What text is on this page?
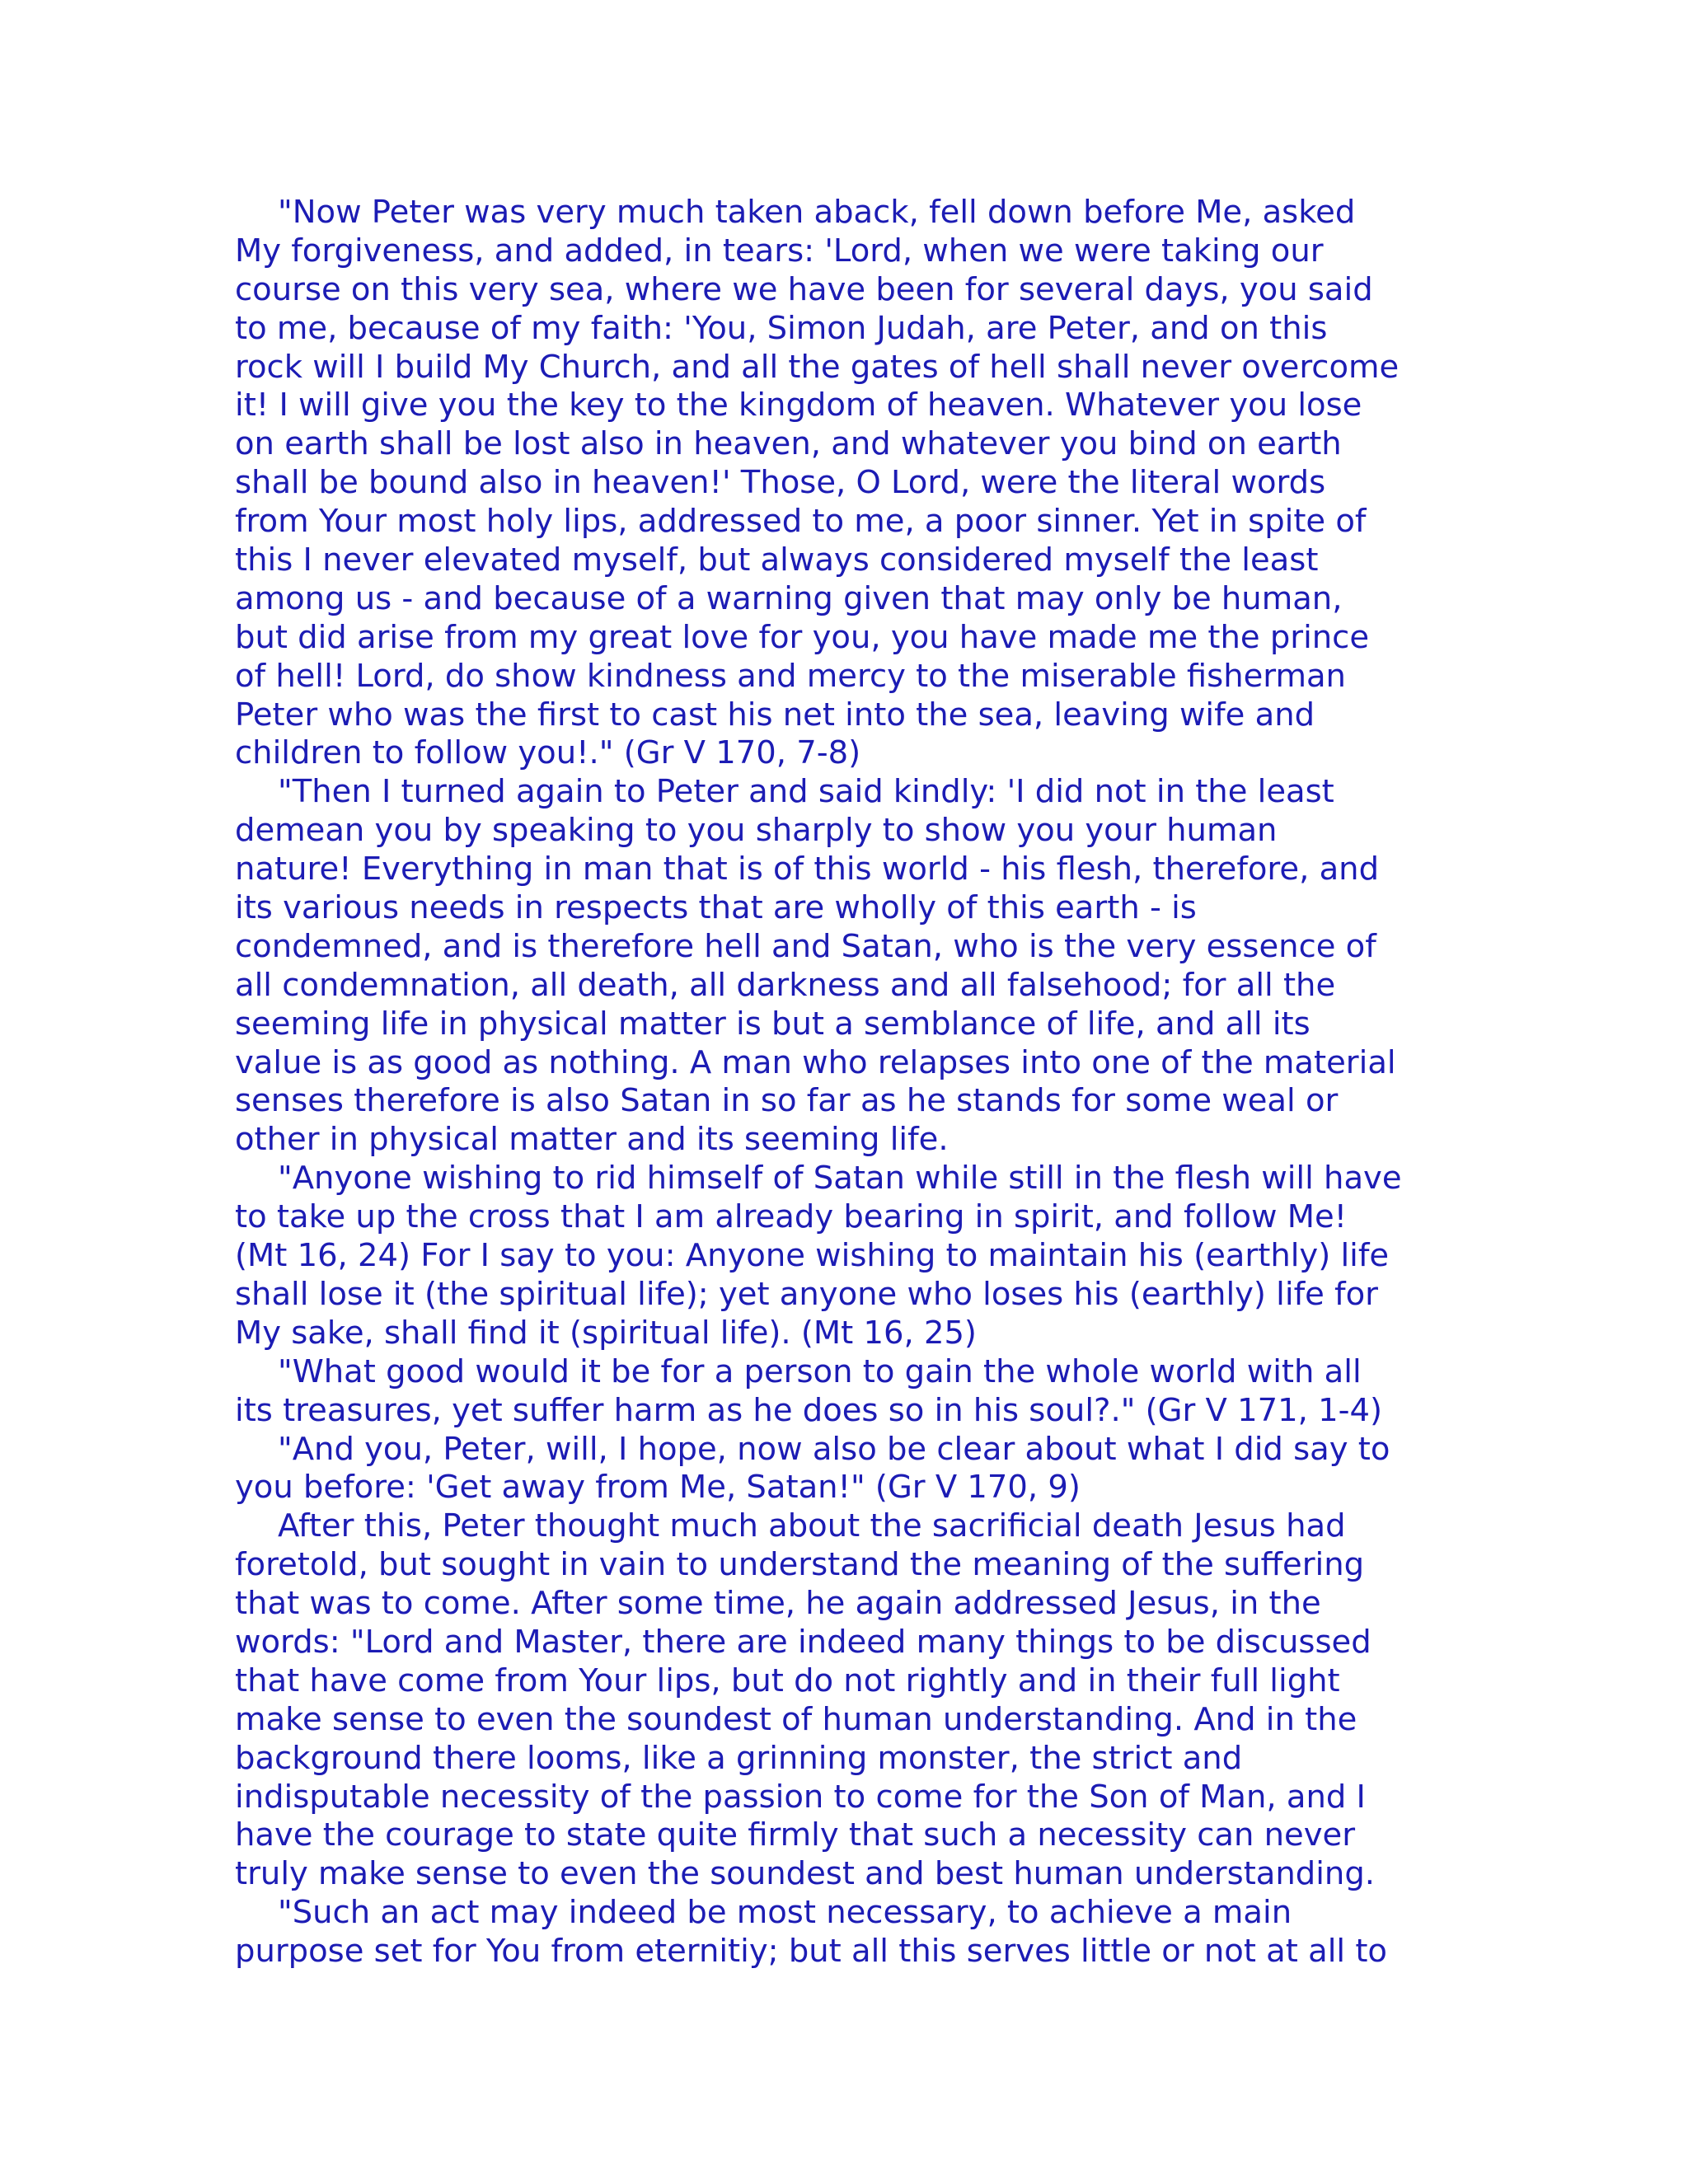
"Now Peter was very much taken aback, fell down before Me, asked
My forgiveness, and added, in tears: 'Lord, when we were taking our
course on this very sea, where we have been for several days, you said
to me, because of my faith: 'You, Simon Judah, are Peter, and on this
rock will I build My Church, and all the gates of hell shall never overcome
it! I will give you the key to the kingdom of heaven. Whatever you lose
on earth shall be lost also in heaven, and whatever you bind on earth
shall be bound also in heaven!' Those, O Lord, were the literal words
from Your most holy lips, addressed to me, a poor sinner. Yet in spite of
this I never elevated myself, but always considered myself the least
among us - and because of a warning given that may only be human,
but did arise from my great love for you, you have made me the prince
of hell! Lord, do show kindness and mercy to the miserable fisherman
Peter who was the first to cast his net into the sea, leaving wife and
children to follow you!." (Gr V 170, 7-8)
"Then I turned again to Peter and said kindly: 'I did not in the least
demean you by speaking to you sharply to show you your human
nature! Everything in man that is of this world - his flesh, therefore, and
its various needs in respects that are wholly of this earth - is
condemned, and is therefore hell and Satan, who is the very essence of
all condemnation, all death, all darkness and all falsehood; for all the
seeming life in physical matter is but a semblance of life, and all its
value is as good as nothing. A man who relapses into one of the material
senses therefore is also Satan in so far as he stands for some weal or
other in physical matter and its seeming life.
"Anyone wishing to rid himself of Satan while still in the flesh will have
to take up the cross that I am already bearing in spirit, and follow Me!
(Mt 16, 24) For I say to you: Anyone wishing to maintain his (earthly) life
shall lose it (the spiritual life); yet anyone who loses his (earthly) life for
My sake, shall find it (spiritual life). (Mt 16, 25)
"What good would it be for a person to gain the whole world with all
its treasures, yet suffer harm as he does so in his soul?." (Gr V 171, 1-4)
"And you, Peter, will, I hope, now also be clear about what I did say to
you before: 'Get away from Me, Satan!" (Gr V 170, 9)
After this, Peter thought much about the sacrificial death Jesus had
foretold, but sought in vain to understand the meaning of the suffering
that was to come. After some time, he again addressed Jesus, in the
words: "Lord and Master, there are indeed many things to be discussed
that have come from Your lips, but do not rightly and in their full light
make sense to even the soundest of human understanding. And in the
background there looms, like a grinning monster, the strict and
indisputable necessity of the passion to come for the Son of Man, and I
have the courage to state quite firmly that such a necessity can never
truly make sense to even the soundest and best human understanding.
"Such an act may indeed be most necessary, to achieve a main
purpose set for You from eternitiy; but all this serves little or not at all to
